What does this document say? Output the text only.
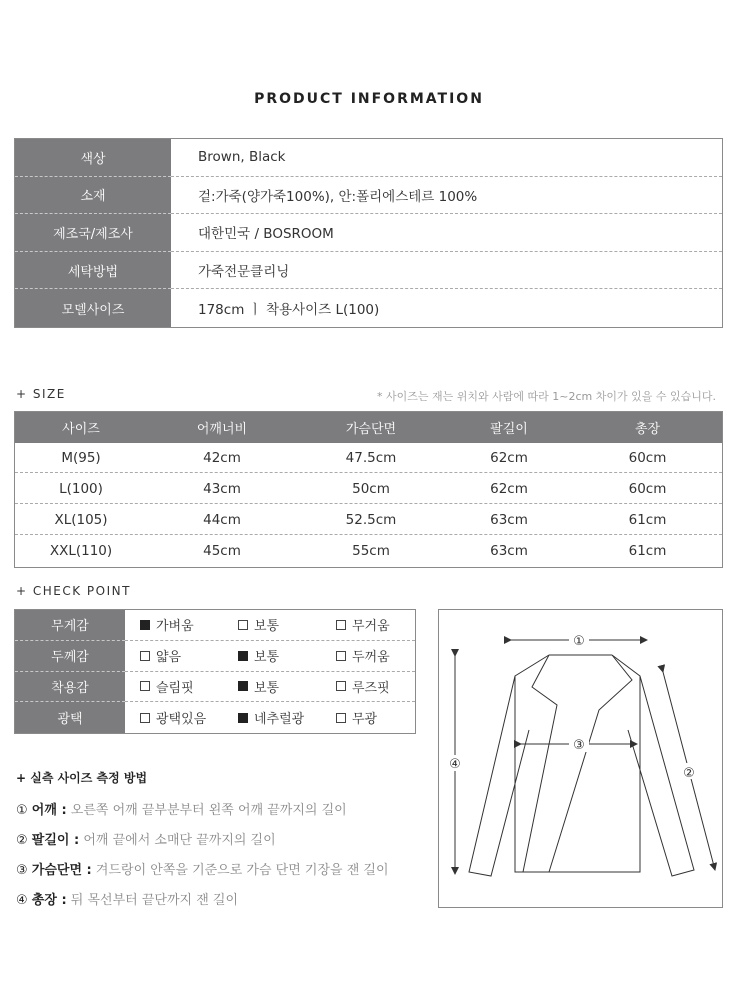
PRODUCT INFORMATION
색상	Brown, Black
소재	겉:가죽(양가죽100%), 안:폴리에스테르 100%
제조국/제조사	대한민국 / BOSROOM
세탁방법	가죽전문클리닝
모델사이즈	178cm ㅣ 착용사이즈 L(100)
+ SIZE	* 사이즈는 재는 위치와 사람에 따라 1~2cm 차이가 있을 수 있습니다.
사이즈	어깨너비	가슴단면	팔길이	총장
M(95)	42cm	47.5cm	62cm	60cm
L(100)	43cm	50cm	62cm	60cm
XL(105)	44cm	52.5cm	63cm	61cm
XXL(110)	45cm	55cm	63cm	61cm
+ CHECK POINT
무게감	가벼움	보통	무거움
두께감	얇음	보통	두꺼움
착용감	슬림핏	보통	루즈핏
광택	광택있음	네추럴광	무광
+ 실측 사이즈 측정 방법
① 어깨 : 오른쪽 어깨 끝부분부터 왼쪽 어깨 끝까지의 길이
② 팔길이 : 어깨 끝에서 소매단 끝까지의 길이
③ 가슴단면 : 겨드랑이 안쪽을 기준으로 가슴 단면 기장을 잰 길이
④ 총장 : 뒤 목선부터 끝단까지 잰 길이
①
②
③
④
